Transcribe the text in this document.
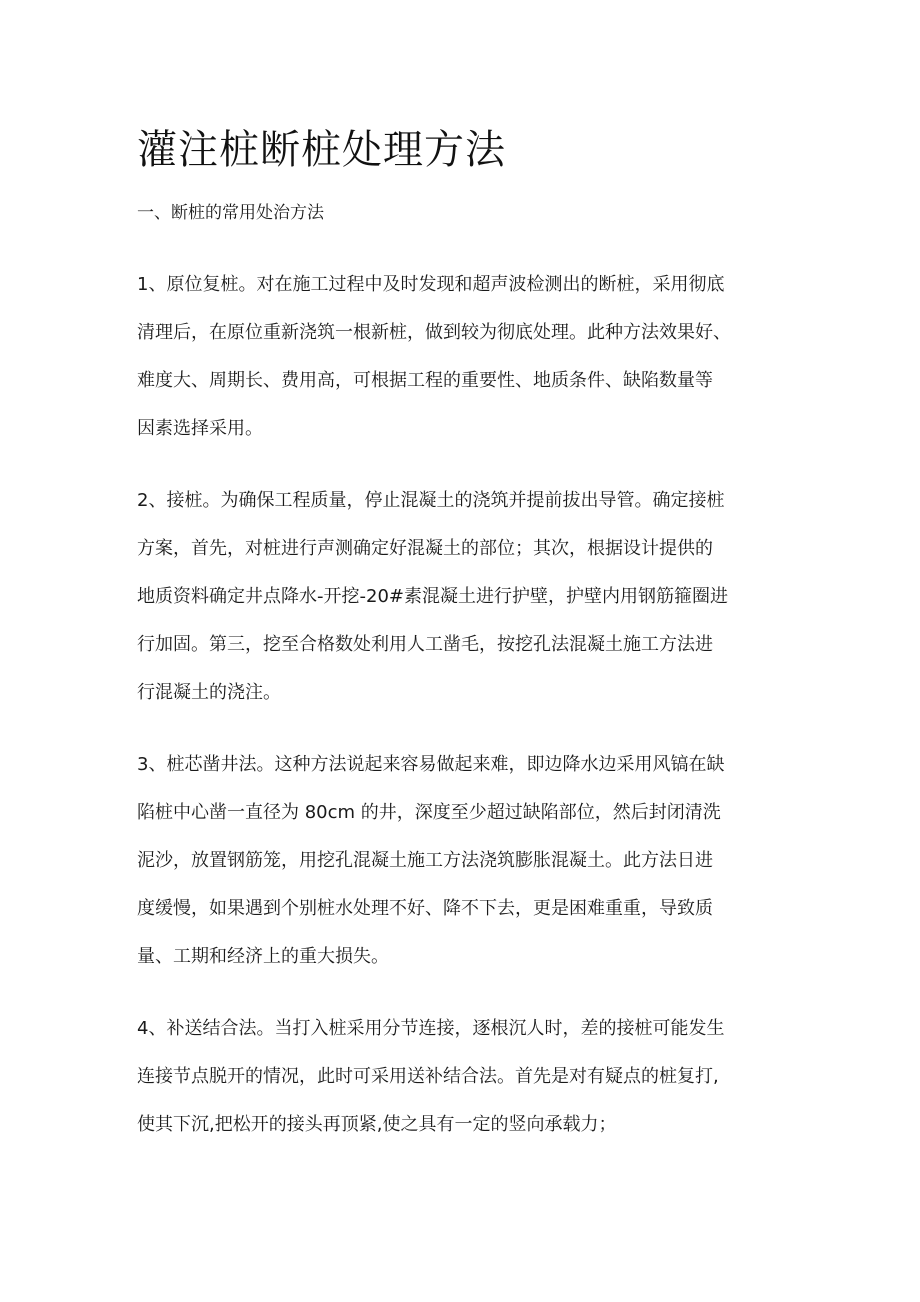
灌注桩断桩处理方法
一、断桩的常用处治方法

1、原位复桩。对在施工过程中及时发现和超声波检测出的断桩，采用彻底
清理后，在原位重新浇筑一根新桩，做到较为彻底处理。此种方法效果好、
难度大、周期长、费用高，可根据工程的重要性、地质条件、缺陷数量等
因素选择采用。

2、接桩。为确保工程质量，停止混凝土的浇筑并提前拔出导管。确定接桩
方案，首先，对桩进行声测确定好混凝土的部位；其次，根据设计提供的
地质资料确定井点降水-开挖-20#素混凝土进行护壁，护壁内用钢筋箍圈进
行加固。第三，挖至合格数处利用人工凿毛，按挖孔法混凝土施工方法进
行混凝土的浇注。

3、桩芯凿井法。这种方法说起来容易做起来难，即边降水边采用风镐在缺
陷桩中心凿一直径为 80cm 的井，深度至少超过缺陷部位，然后封闭清洗
泥沙，放置钢筋笼，用挖孔混凝土施工方法浇筑膨胀混凝土。此方法日进
度缓慢，如果遇到个别桩水处理不好、降不下去，更是困难重重，导致质
量、工期和经济上的重大损失。

4、补送结合法。当打入桩采用分节连接，逐根沉人时，差的接桩可能发生
连接节点脱开的情况，此时可采用送补结合法。首先是对有疑点的桩复打,
使其下沉,把松开的接头再顶紧,使之具有一定的竖向承载力；
